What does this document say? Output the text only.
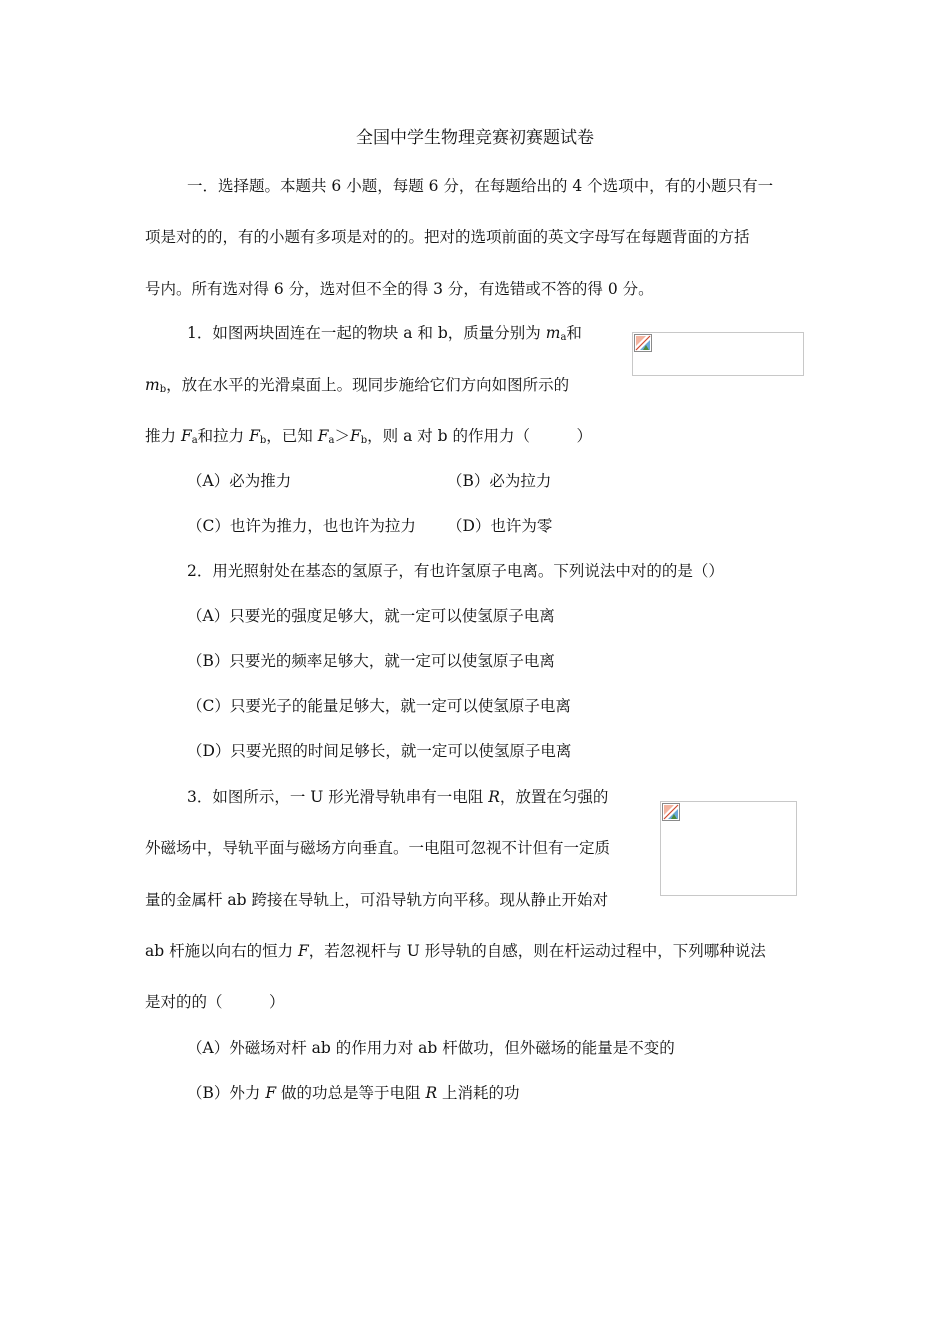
全国中学生物理竞赛初赛题试卷
一．选择题。本题共 6 小题，每题 6 分，在每题给出的 4 个选项中，有的小题只有一
项是对的的，有的小题有多项是对的的。把对的选项前面的英文字母写在每题背面的方括
号内。所有选对得 6 分，选对但不全的得 3 分，有选错或不答的得 0 分。
1．如图两块固连在一起的物块 a 和 b，质量分别为 $m_a$和
$m_b$，放在水平的光滑桌面上。现同步施给它们方向如图所示的
推力 $F_a$和拉力 $F_b$，已知 $F_a>F_b$，则 a 对 b 的作用力（　　　）
（A）必为推力	（B）必为拉力
（C）也许为推力，也也许为拉力 （D）也许为零
2．用光照射处在基态的氢原子，有也许氢原子电离。下列说法中对的的是（）
（A）只要光的强度足够大，就一定可以使氢原子电离
（B）只要光的频率足够大，就一定可以使氢原子电离
（C）只要光子的能量足够大，就一定可以使氢原子电离
（D）只要光照的时间足够长，就一定可以使氢原子电离
3．如图所示，一 U 形光滑导轨串有一电阻 R，放置在匀强的
外磁场中，导轨平面与磁场方向垂直。一电阻可忽视不计但有一定质
量的金属杆 ab 跨接在导轨上，可沿导轨方向平移。现从静止开始对
ab 杆施以向右的恒力 F，若忽视杆与 U 形导轨的自感，则在杆运动过程中，下列哪种说法
是对的的（　　　）
（A）外磁场对杆 ab 的作用力对 ab 杆做功，但外磁场的能量是不变的
（B）外力 F 做的功总是等于电阻 R 上消耗的功
